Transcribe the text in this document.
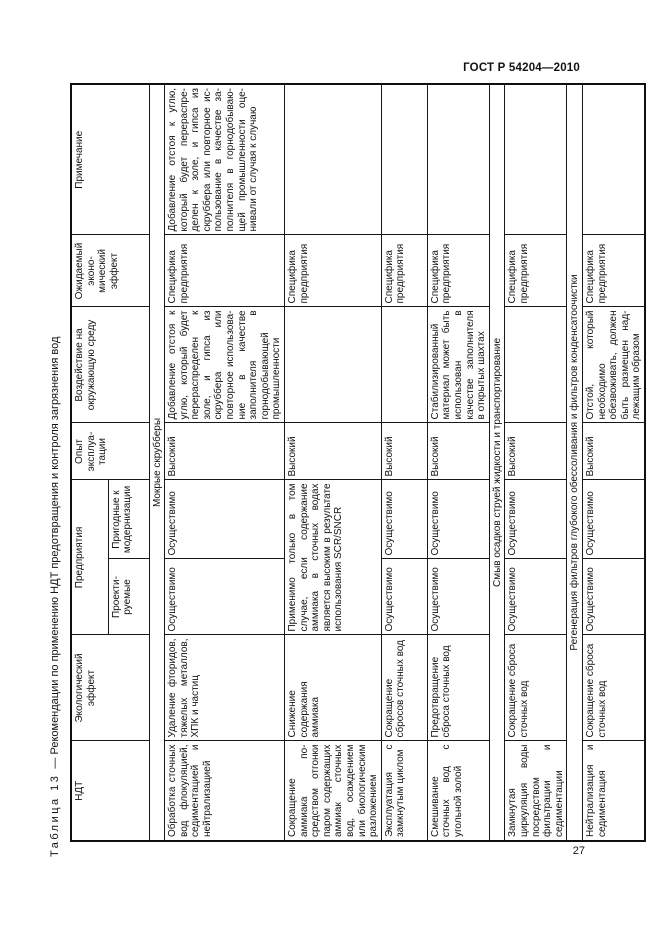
ГОСТ Р 54204—2010
Таблица 13— Рекомендации по применению НДТ предотвращения и контроля загрязнения вод
НДТ	Экологический эффект	Предприятия		Опыт эксплуатации	Воздействие на окружающую среду	Ожидаемый экономический эффект	Примечание
		Проектируемые	Пригодные к модернизации				
Мокрые скрубберы							
Обработка сточных вод флокуляцией, седиментацией и нейтрализацией	Удаление фторидов, тяжелых металлов, ХПК и частиц	Осуществимо	Осуществимо	Высокий	Добавление отстоя к углю, который будет перераспределен к золе, и гипса из скруббера или повторное использование в качестве заполнителя в горнодобывающей промышленности	Специфика предприятия	Добавление отстоя к углю, который будет перераспределен к золе, и гипса из скруббера или повторное использование в качестве заполнителя в горнодобывающей промышленности оценивали от случая к случаю
Сокращение аммиака посредством отгонки паром содержащих аммиак сточных вод, осаждением или биологическим разложением	Снижение содержания аммиака	Применимо только в том случае, если содержание аммиака в сточных водах является высоким в результате использования SCR/SNCR		Высокий		Специфика предприятия	
Эксплуатация с замкнутым циклом	Сокращение сбросов сточных вод	Осуществимо	Осуществимо	Высокий		Специфика предприятия	
Смешивание сточных вод с угольной золой	Предотвращение сброса сточных вод	Осуществимо	Осуществимо	Высокий	Стабилизированный материал может быть использован в качестве заполнителя в открытых шахтах	Специфика предприятия	
Смыв осадков струей жидкости и транспортирование							
Замкнутая циркуляция воды посредством фильтрации и седиментации	Сокращение сброса сточных вод	Осуществимо	Осуществимо	Высокий		Специфика предприятия	
Регенерация фильтров глубокого обессоливания и фильтров конденсатоочистки							
Нейтрализация и седиментация	Сокращение сброса сточных вод	Осуществимо	Осуществимо	Высокий	Отстой, который необходимо обезвоживать, должен быть размещен надлежащим образом	Специфика предприятия	
27
